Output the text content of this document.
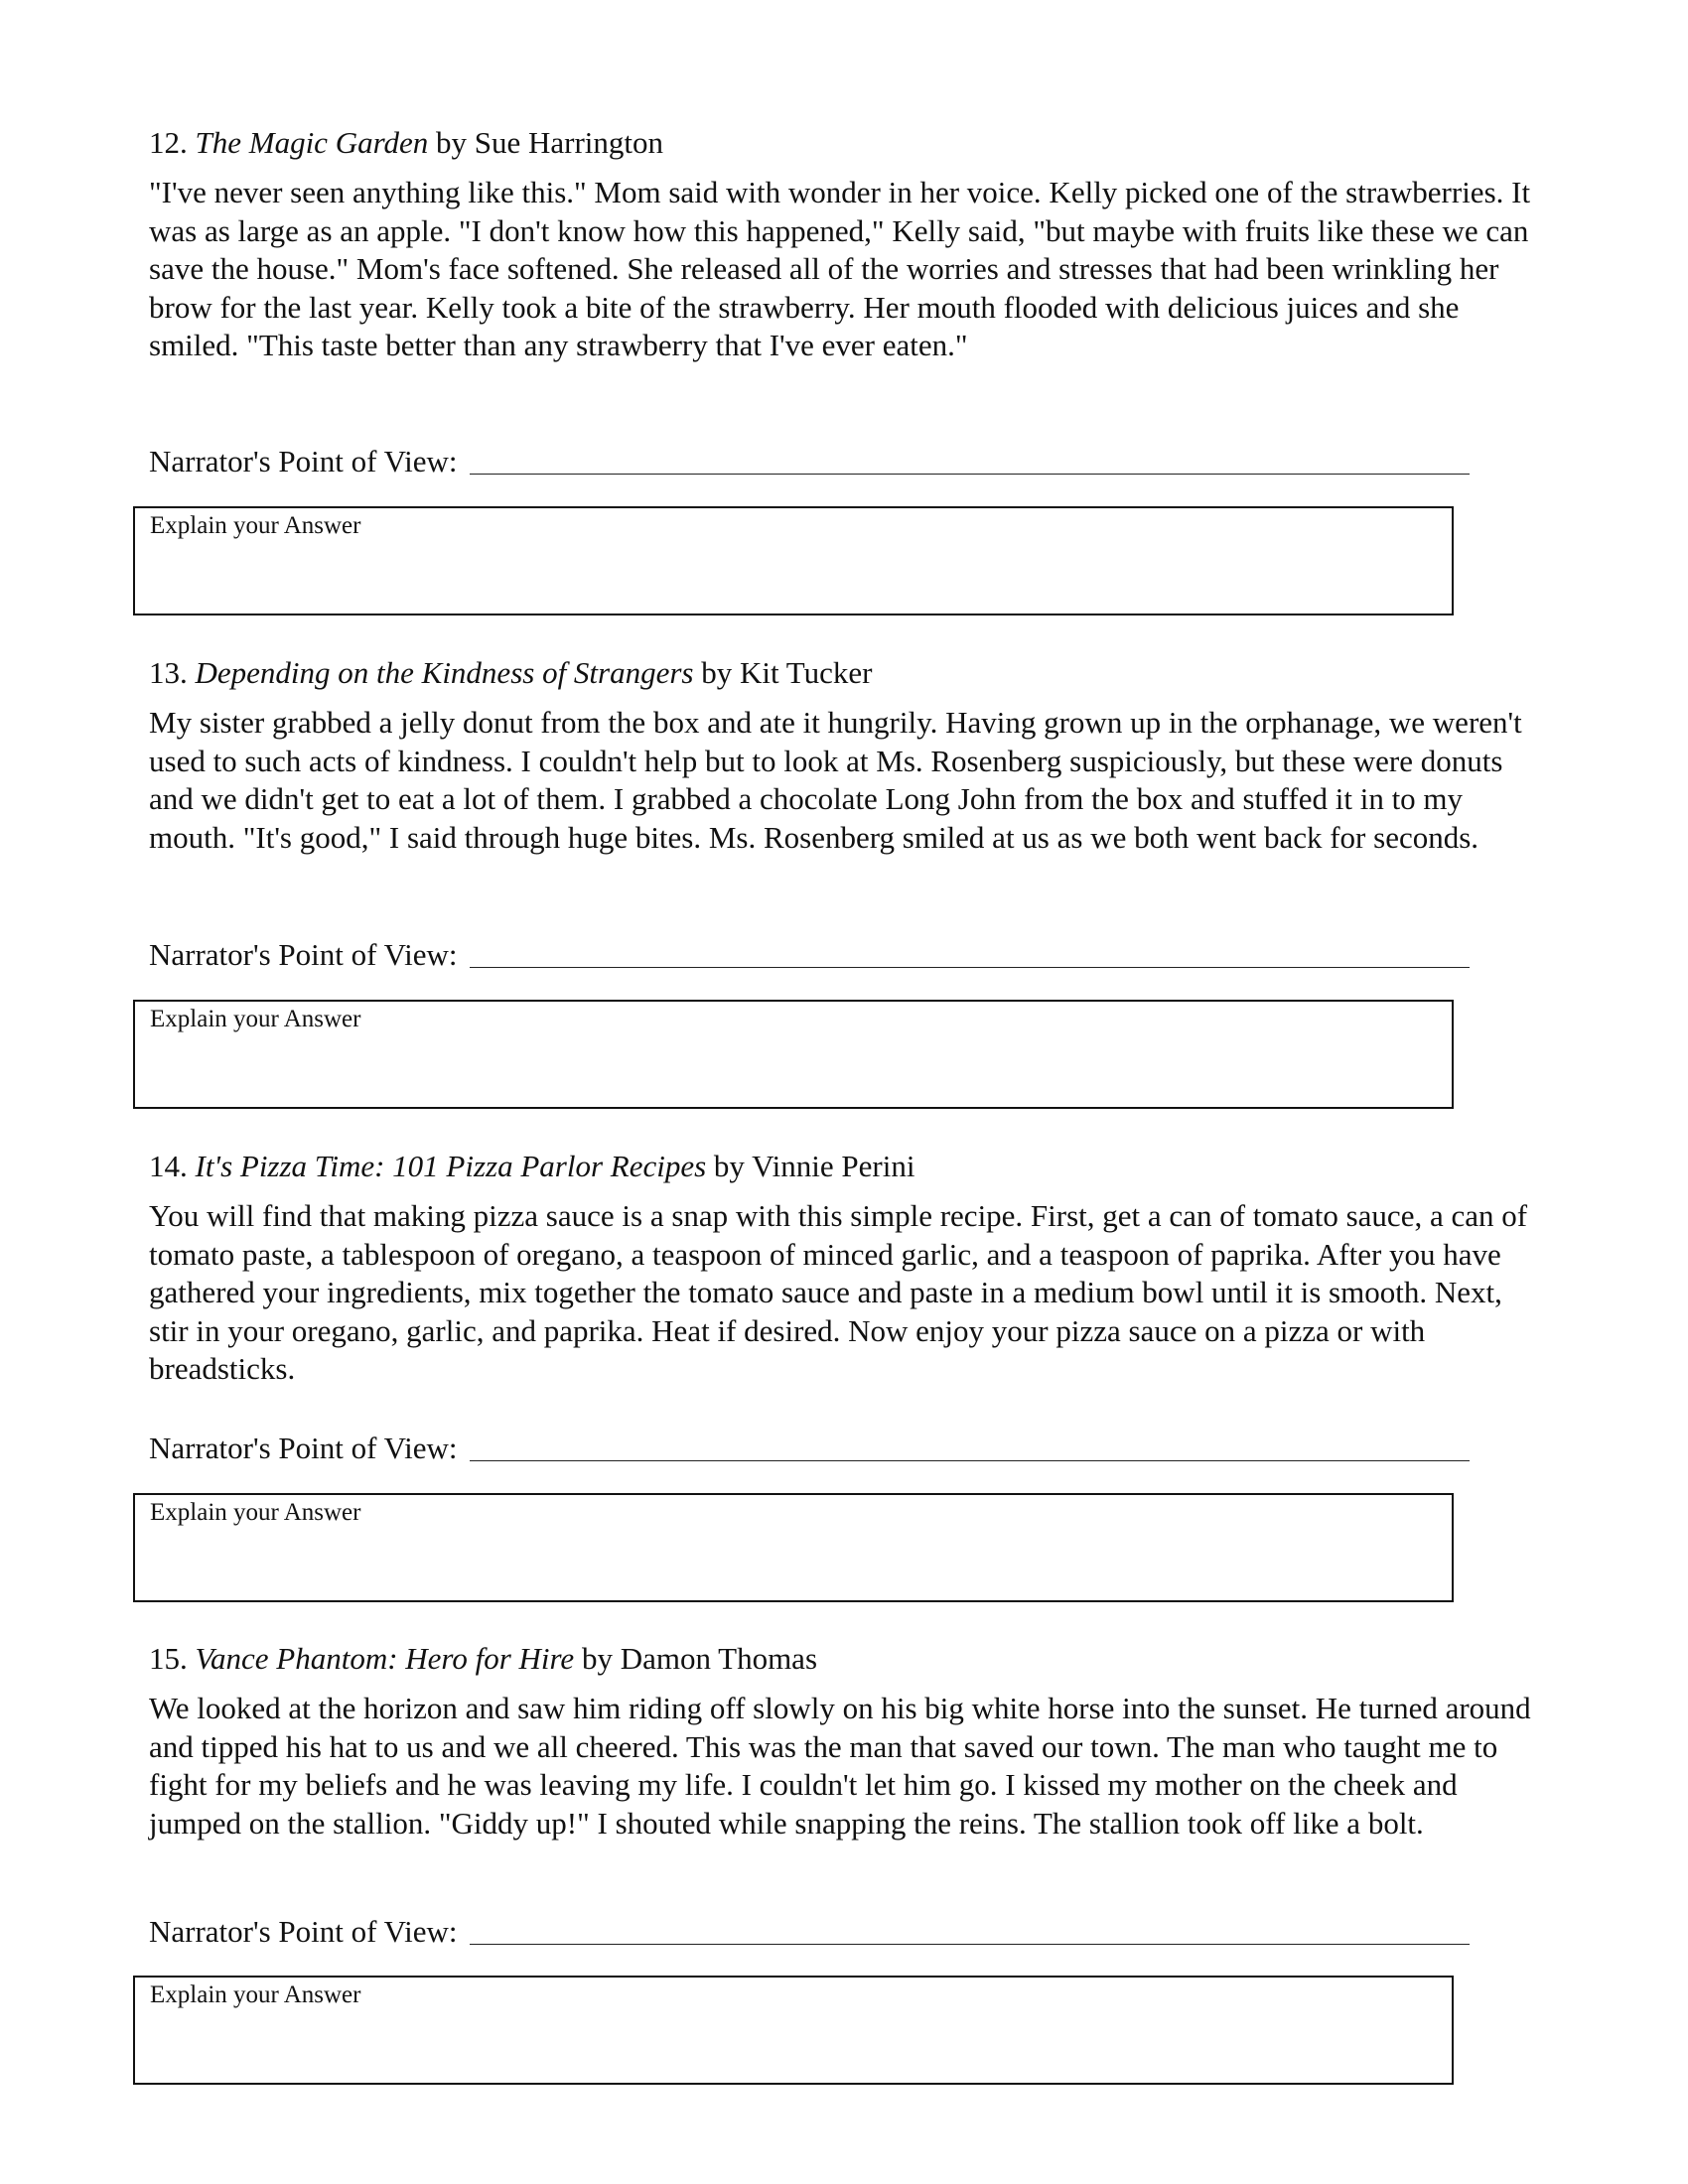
12. The Magic Garden by Sue Harrington

"I've never seen anything like this." Mom said with wonder in her voice. Kelly picked one of the strawberries. It was as large as an apple. "I don't know how this happened," Kelly said, "but maybe with fruits like these we can save the house." Mom's face softened. She released all of the worries and stresses that had been wrinkling her brow for the last year. Kelly took a bite of the strawberry. Her mouth flooded with delicious juices and she smiled. "This taste better than any strawberry that I've ever eaten."

Narrator's Point of View:
Explain your Answer
13. Depending on the Kindness of Strangers by Kit Tucker

My sister grabbed a jelly donut from the box and ate it hungrily. Having grown up in the orphanage, we weren't used to such acts of kindness. I couldn't help but to look at Ms. Rosenberg suspiciously, but these were donuts and we didn't get to eat a lot of them. I grabbed a chocolate Long John from the box and stuffed it in to my mouth. "It's good," I said through huge bites. Ms. Rosenberg smiled at us as we both went back for seconds.

Narrator's Point of View:
Explain your Answer
14. It's Pizza Time: 101 Pizza Parlor Recipes by Vinnie Perini

You will find that making pizza sauce is a snap with this simple recipe. First, get a can of tomato sauce, a can of tomato paste, a tablespoon of oregano, a teaspoon of minced garlic, and a teaspoon of paprika. After you have gathered your ingredients, mix together the tomato sauce and paste in a medium bowl until it is smooth. Next, stir in your oregano, garlic, and paprika. Heat if desired. Now enjoy your pizza sauce on a pizza or with breadsticks.

Narrator's Point of View:
Explain your Answer
15. Vance Phantom: Hero for Hire by Damon Thomas

We looked at the horizon and saw him riding off slowly on his big white horse into the sunset. He turned around and tipped his hat to us and we all cheered. This was the man that saved our town. The man who taught me to fight for my beliefs and he was leaving my life. I couldn't let him go. I kissed my mother on the cheek and jumped on the stallion. "Giddy up!" I shouted while snapping the reins. The stallion took off like a bolt.

Narrator's Point of View:
Explain your Answer
